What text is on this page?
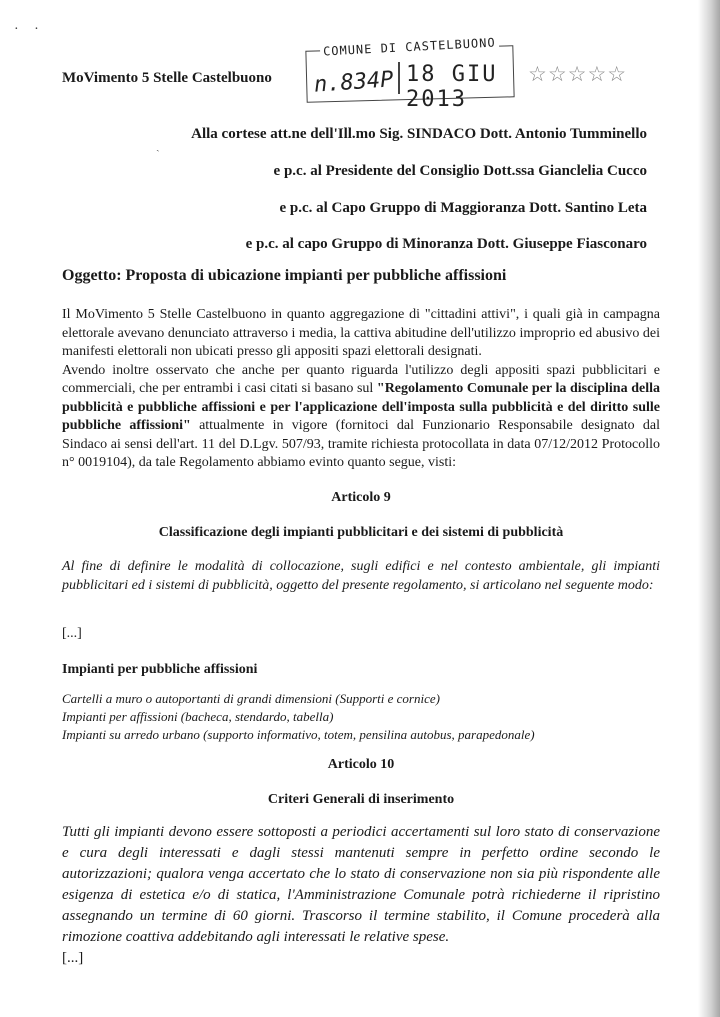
· ·
MoVimento 5 Stelle Castelbuono
COMUNE DI CASTELBUONO
n.834P 18 GIU 2013
☆☆☆☆☆
ˎ
Alla cortese att.ne dell'Ill.mo Sig. SINDACO Dott. Antonio Tumminello
e p.c. al Presidente del Consiglio Dott.ssa Gianclelia Cucco
e p.c. al Capo Gruppo di Maggioranza Dott. Santino Leta
e p.c. al capo Gruppo di Minoranza Dott. Giuseppe Fiasconaro
Oggetto: Proposta di ubicazione impianti per pubbliche affissioni
Il MoVimento 5 Stelle Castelbuono in quanto aggregazione di "cittadini attivi", i quali già in campagna elettorale avevano denunciato attraverso i media, la cattiva abitudine dell'utilizzo improprio ed abusivo dei manifesti elettorali non ubicati presso gli appositi spazi elettorali designati.
Avendo inoltre osservato che anche per quanto riguarda l'utilizzo degli appositi spazi pubblicitari e commerciali, che per entrambi i casi citati si basano sul "Regolamento Comunale per la disciplina della pubblicità e pubbliche affissioni e per l'applicazione dell'imposta sulla pubblicità e del diritto sulle pubbliche affissioni" attualmente in vigore (fornitoci dal Funzionario Responsabile designato dal Sindaco ai sensi dell'art. 11 del D.Lgv. 507/93, tramite richiesta protocollata in data 07/12/2012 Protocollo n° 0019104), da tale Regolamento abbiamo evinto quanto segue, visti:
Articolo 9
Classificazione degli impianti pubblicitari e dei sistemi di pubblicità
Al fine di definire le modalità di collocazione, sugli edifici e nel contesto ambientale, gli impianti pubblicitari ed i sistemi di pubblicità, oggetto del presente regolamento, si articolano nel seguente modo:
[...]
Impianti per pubbliche affissioni
Cartelli a muro o autoportanti di grandi dimensioni (Supporti e cornice)
Impianti per affissioni (bacheca, stendardo, tabella)
Impianti su arredo urbano (supporto informativo, totem, pensilina autobus, parapedonale)
Articolo 10
Criteri Generali di inserimento
Tutti gli impianti devono essere sottoposti a periodici accertamenti sul loro stato di conservazione e cura degli interessati e dagli stessi mantenuti sempre in perfetto ordine secondo le autorizzazioni; qualora venga accertato che lo stato di conservazione non sia più rispondente alle esigenza di estetica e/o di statica, l'Amministrazione Comunale potrà richiederne il ripristino assegnando un termine di 60 giorni. Trascorso il termine stabilito, il Comune procederà alla rimozione coattiva addebitando agli interessati le relative spese.
[...]
